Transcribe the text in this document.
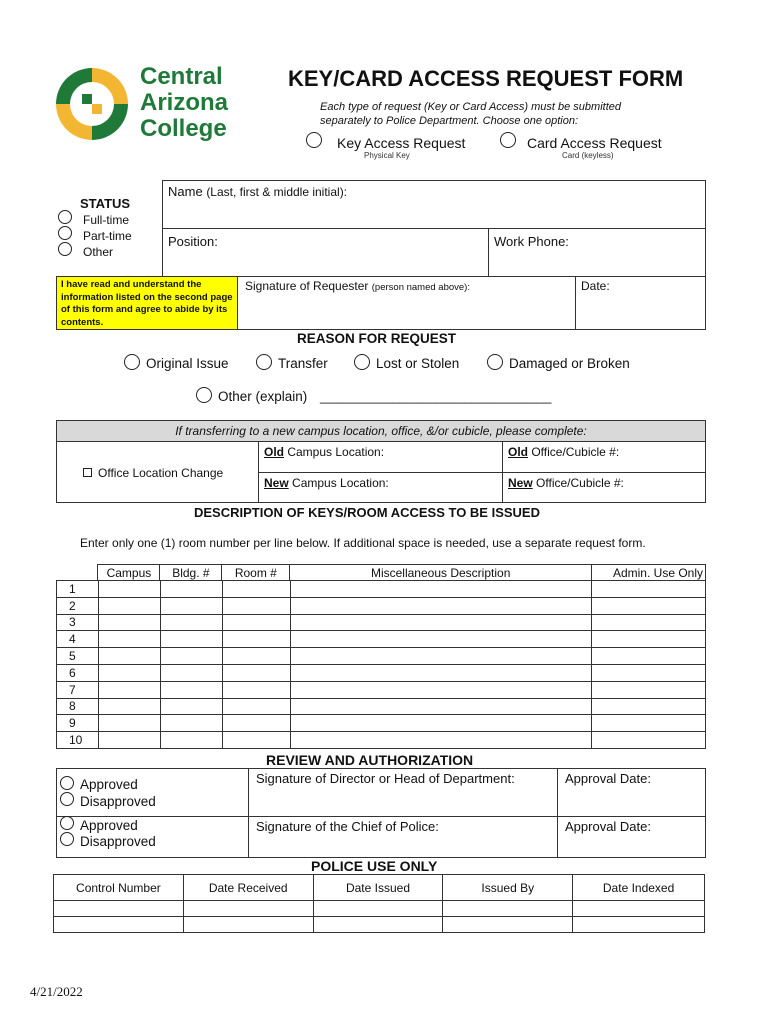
Central
Arizona
College
KEY/CARD ACCESS REQUEST FORM
Each type of request (Key or Card Access) must be submitted
separately to Police Department. Choose one option:
Key Access Request
Physical Key
Card Access Request
Card (keyless)
STATUS
Full-time
Part-time
Other
Name (Last, first & middle initial):
Position:	Work Phone:
I have read and understand the information listed on the second page of this form and agree to abide by its contents.
Signature of Requester (person named above):	Date:
REASON FOR REQUEST
Original Issue	Transfer	Lost or Stolen	Damaged or Broken
Other (explain) ________________________________
If transferring to a new campus location, office, &/or cubicle, please complete:
Office Location Change
Old Campus Location:	Old Office/Cubicle #:
New Campus Location:	New Office/Cubicle #:
DESCRIPTION OF KEYS/ROOM ACCESS TO BE ISSUED
Enter only one (1) room number per line below. If additional space is needed, use a separate request form.
	Campus	Bldg. #	Room #	Miscellaneous Description	Admin. Use Only
1					
2					
3					
4					
5					
6					
7					
8					
9					
10					
REVIEW AND AUTHORIZATION
Approved
Disapproved
Signature of Director or Head of Department:	Approval Date:
Approved
Disapproved
Signature of the Chief of Police:	Approval Date:
POLICE USE ONLY
Control Number	Date Received	Date Issued	Issued By	Date Indexed

4/21/2022
